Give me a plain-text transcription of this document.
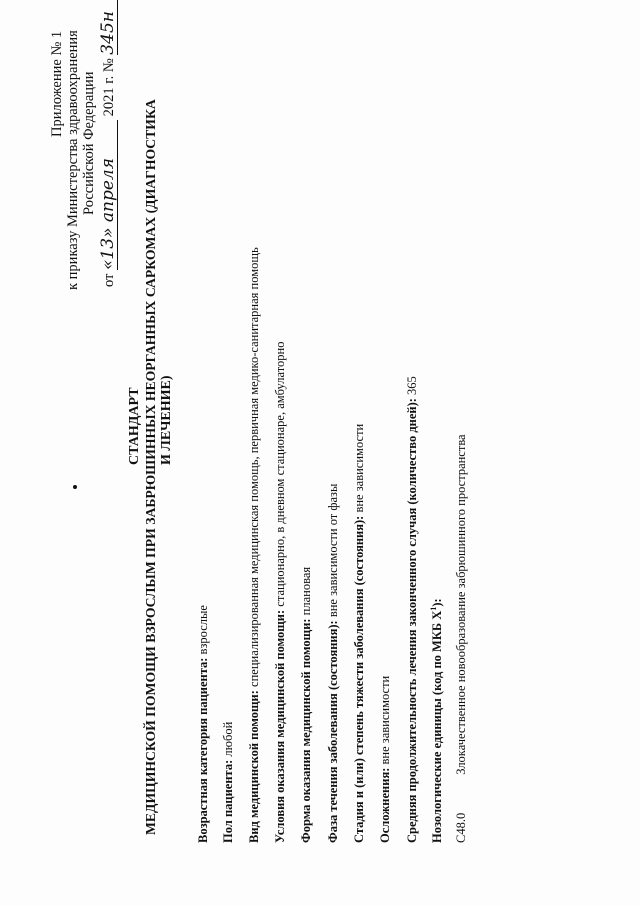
Приложение № 1 к приказу Министерства здравоохранения Российской Федерации
от «13» апреля 2021 г. № 345н
СТАНДАРТ МЕДИЦИНСКОЙ ПОМОЩИ ВЗРОСЛЫМ ПРИ ЗАБРЮШИННЫХ НЕОРГАННЫХ САРКОМАХ (ДИАГНОСТИКА И ЛЕЧЕНИЕ)
Возрастная категория пациента: взрослые
Пол пациента: любой Вид медицинской помощи: специализированная медицинская помощь, первичная медико-санитарная помощь
Условия оказания медицинской помощи: стационарно, в дневном стационаре, амбулаторно
Форма оказания медицинской помощи: плановая
Фаза течения заболевания (состояния): вне зависимости от фазы Стадия и (или) степень тяжести заболевания (состояния): вне зависимости
Осложнения: вне зависимости Средняя продолжительность лечения законченного случая (количество дней): 365
Нозологические единицы (код по МКБ $X^1$):
C48.0Злокачественное новообразование забрюшинного пространства
